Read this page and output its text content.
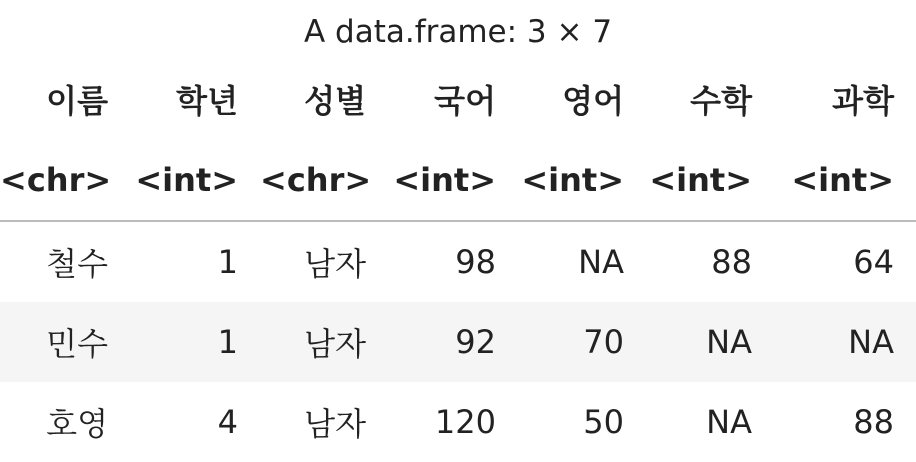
A data.frame: 3 × 7
이름	학년	성별	국어	영어	수학	과학
<chr>	<int>	<chr>	<int>	<int>	<int>	<int>
철수	1	남자	98	NA	88	64
민수	1	남자	92	70	NA	NA
호영	4	남자	120	50	NA	88
